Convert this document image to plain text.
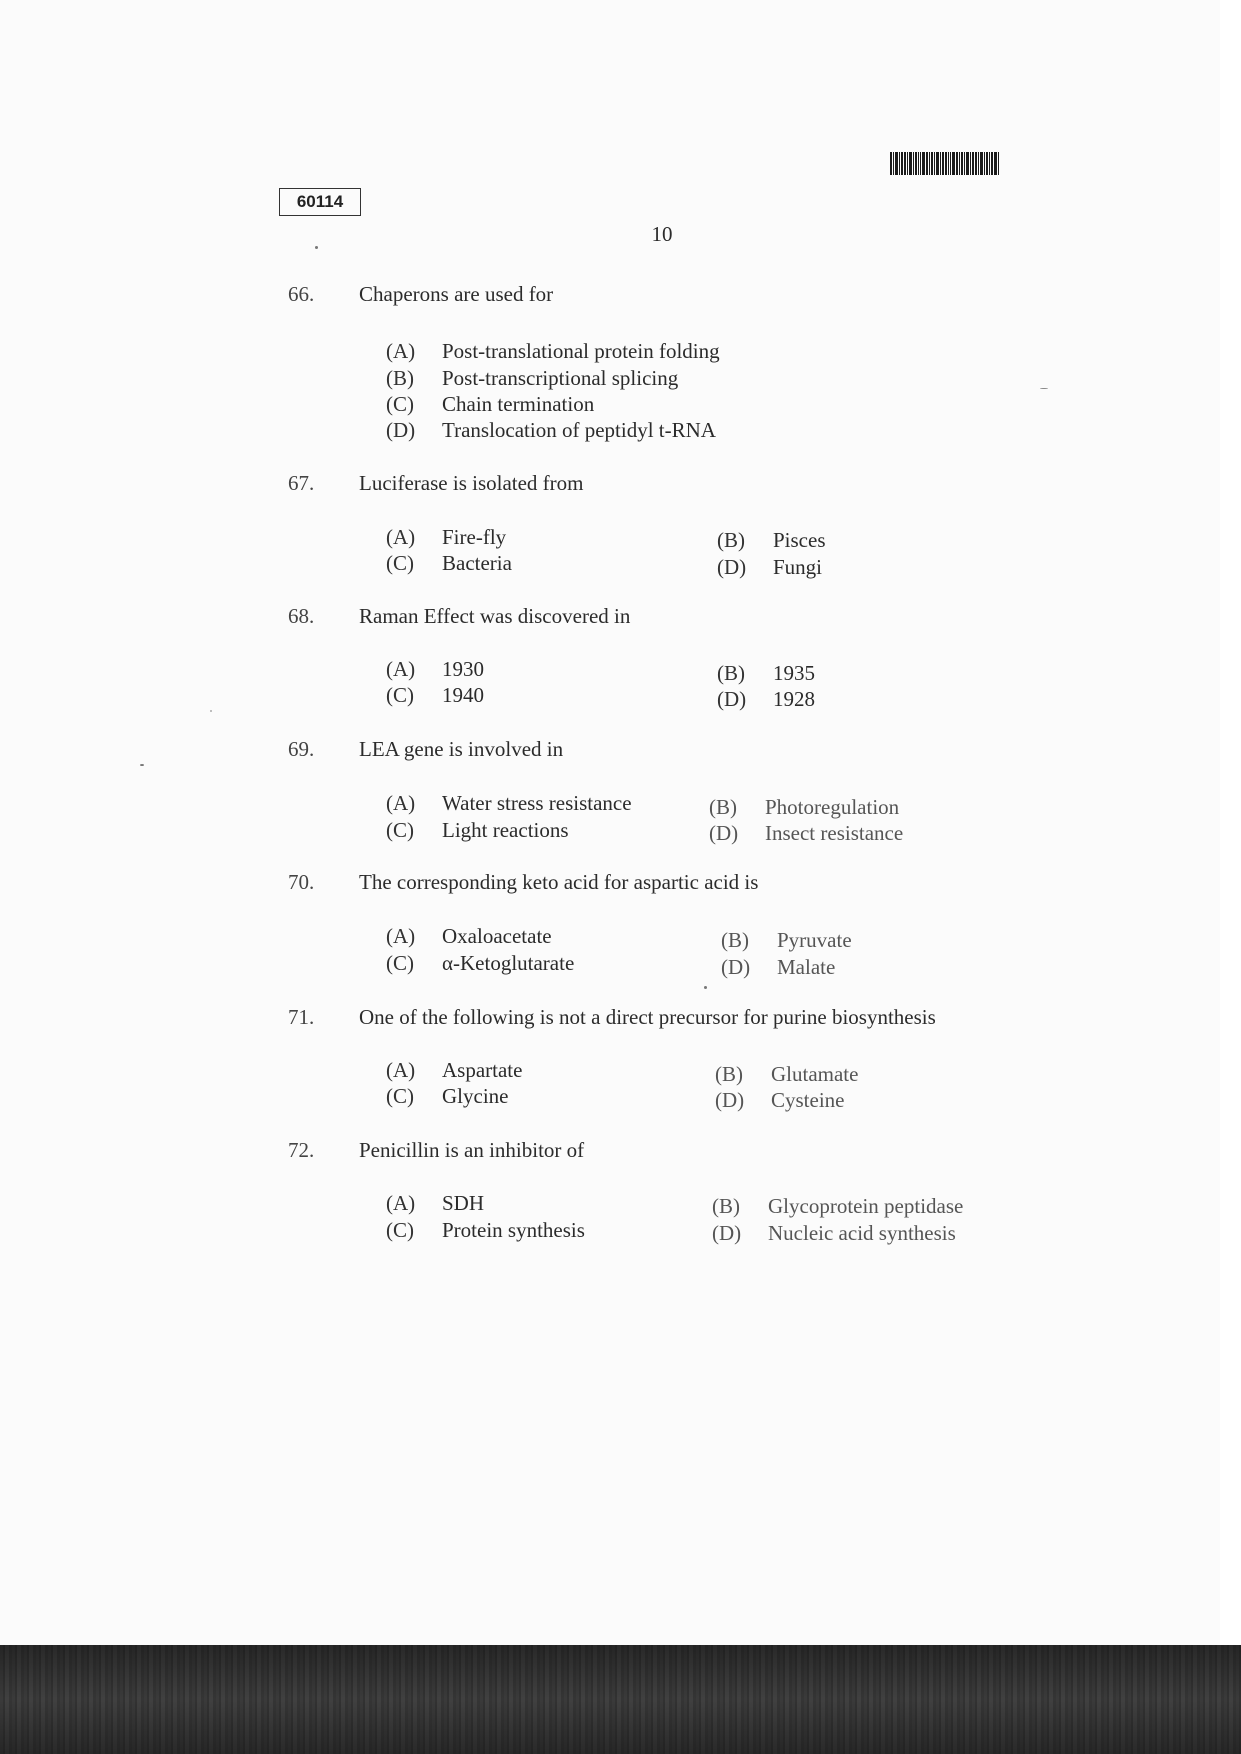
60114
10
66. Chaperons are used for
(A) Post-translational protein folding
(B) Post-transcriptional splicing
(C) Chain termination
(D) Translocation of peptidyl t-RNA
67. Luciferase is isolated from
(A) Fire-fly	(B) Pisces
(C) Bacteria	(D) Fungi
68. Raman Effect was discovered in
(A) 1930	(B) 1935
(C) 1940	(D) 1928
69. LEA gene is involved in
(A) Water stress resistance	(B) Photoregulation
(C) Light reactions	(D) Insect resistance
70. The corresponding keto acid for aspartic acid is
(A) Oxaloacetate	(B) Pyruvate
(C) α-Ketoglutarate	(D) Malate
71. One of the following is not a direct precursor for purine biosynthesis
(A) Aspartate	(B) Glutamate
(C) Glycine	(D) Cysteine
72. Penicillin is an inhibitor of
(A) SDH	(B) Glycoprotein peptidase
(C) Protein synthesis	(D) Nucleic acid synthesis
